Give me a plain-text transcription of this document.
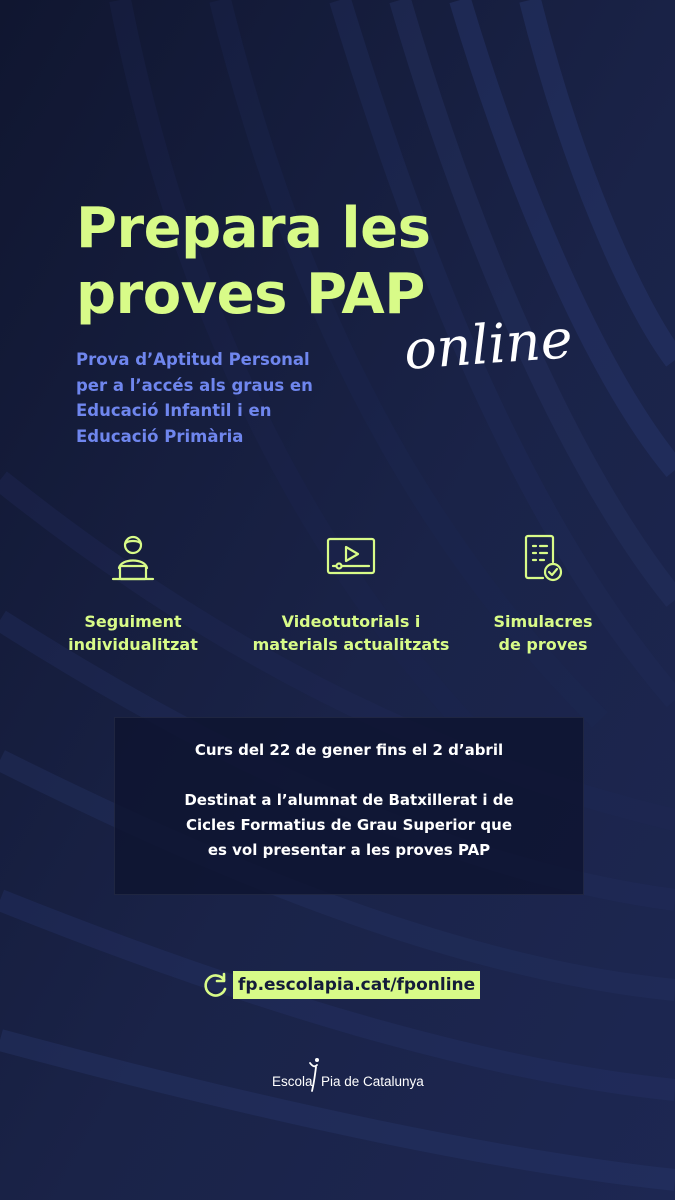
Prepara les
proves PAP
online
Prova d’Aptitud Personal
per a l’accés als graus en
Educació Infantil i en
Educació Primària
Seguiment
individualitzat
Videotutorials i
materials actualitzats
Simulacres
de proves
Curs del 22 de gener fins el 2 d’abril
Destinat a l’alumnat de Batxillerat i de
Cicles Formatius de Grau Superior que
es vol presentar a les proves PAP
fp.escolapia.cat/fponline
Escola Pia de Catalunya
